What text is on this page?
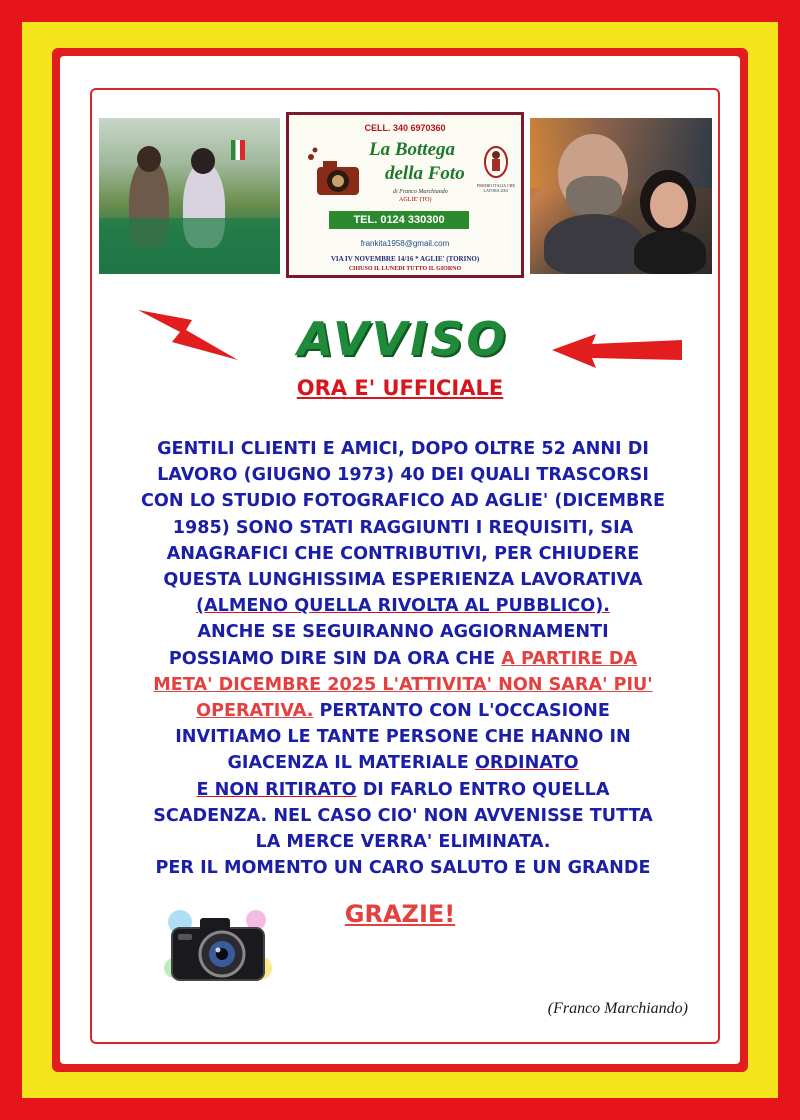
CELL. 340 6970360
La Bottega
della Foto
di Franco Marchiando
AGLIE' (TO)
PREMIO ITALIA CHE LAVORA 2001
TEL. 0124 330300
frankita1958@gmail.com
VIA IV NOVEMBRE 14/16 * AGLIE' (TORINO)
CHIUSO IL LUNEDI TUTTO IL GIORNO
AVVISO
ORA E' UFFICIALE
GENTILI CLIENTI E AMICI, DOPO OLTRE 52 ANNI DI
LAVORO (GIUGNO 1973) 40 DEI QUALI TRASCORSI
CON LO STUDIO FOTOGRAFICO AD AGLIE' (DICEMBRE
1985) SONO STATI RAGGIUNTI I REQUISITI, SIA
ANAGRAFICI CHE CONTRIBUTIVI, PER CHIUDERE
QUESTA LUNGHISSIMA ESPERIENZA LAVORATIVA
(ALMENO QUELLA RIVOLTA AL PUBBLICO).
ANCHE SE SEGUIRANNO AGGIORNAMENTI
POSSIAMO DIRE SIN DA ORA CHE A PARTIRE DA
META' DICEMBRE 2025 L'ATTIVITA' NON SARA' PIU'
OPERATIVA. PERTANTO CON L'OCCASIONE
INVITIAMO LE TANTE PERSONE CHE HANNO IN
GIACENZA IL MATERIALE ORDINATO
E NON RITIRATO DI FARLO ENTRO QUELLA
SCADENZA. NEL CASO CIO' NON AVVENISSE TUTTA
LA MERCE VERRA' ELIMINATA.
PER IL MOMENTO UN CARO SALUTO E UN GRANDE
GRAZIE!
(Franco Marchiando)
